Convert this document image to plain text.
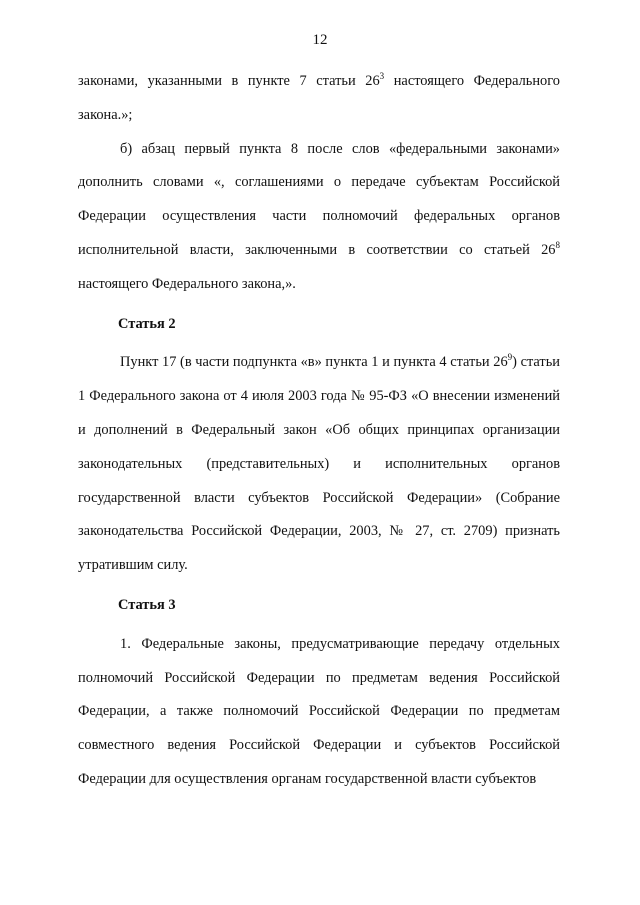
12

законами, указанными в пункте 7 статьи $26^3$ настоящего Федерального закона.»;

б) абзац первый пункта 8 после слов «федеральными законами» дополнить словами «, соглашениями о передаче субъектам Российской Федерации осуществления части полномочий федеральных органов исполнительной власти, заключенными в соответствии со статьей $26^8$ настоящего Федерального закона,».

Статья 2

Пункт 17 (в части подпункта «в» пункта 1 и пункта 4 статьи $26^9$) статьи 1 Федерального закона от 4 июля 2003 года № 95-ФЗ «О внесении изменений и дополнений в Федеральный закон «Об общих принципах организации законодательных (представительных) и исполнительных органов государственной власти субъектов Российской Федерации» (Собрание законодательства Российской Федерации, 2003, № 27, ст. 2709) признать утратившим силу.

Статья 3

1. Федеральные законы, предусматривающие передачу отдельных полномочий Российской Федерации по предметам ведения Российской Федерации, а также полномочий Российской Федерации по предметам совместного ведения Российской Федерации и субъектов Российской Федерации для осуществления органам государственной власти субъектов
